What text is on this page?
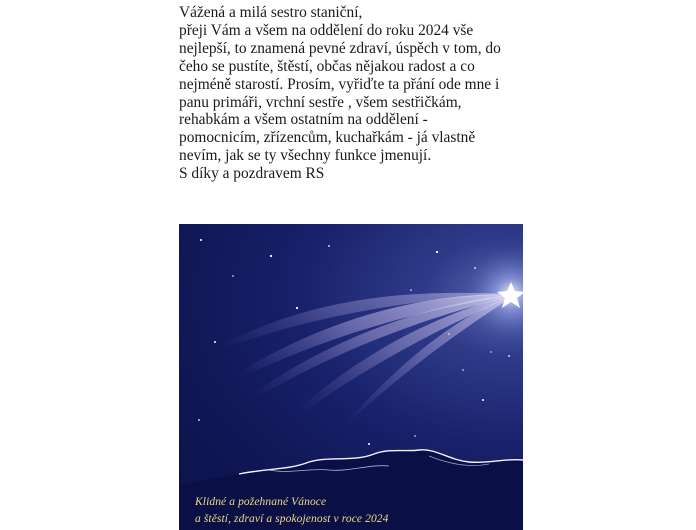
Vážená a milá sestro staniční,
přeji Vám a všem na oddělení do roku 2024 vše
nejlepší, to znamená pevné zdraví, úspěch v tom, do
čeho se pustíte, štěstí, občas nějakou radost a co
nejméně starostí. Prosím, vyřiďte ta přání ode mne i
panu primáři, vrchní sestře , všem sestřičkám,
rehabkám a všem ostatním na oddělení -
pomocnicím, zřízencům, kuchařkám - já vlastně
nevím, jak se ty všechny funkce jmenují.
S díky a pozdravem RS
Klidné a požehnané Vánoce
a štěstí, zdraví a spokojenost v roce 2024
